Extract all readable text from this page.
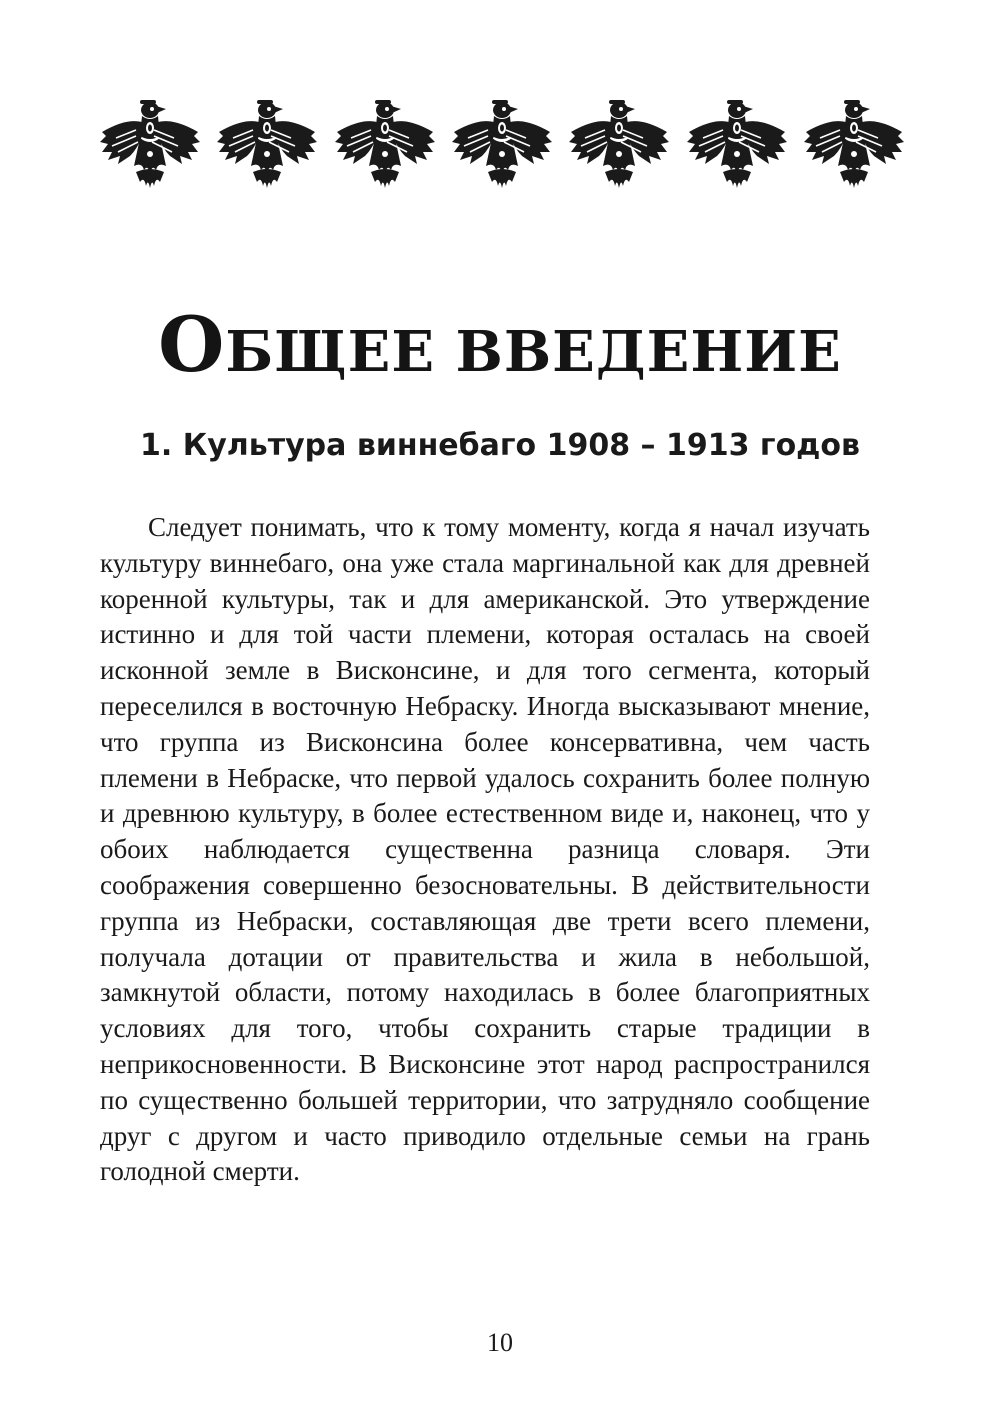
ОБЩЕЕ ВВЕДЕНИЕ
1. Культура виннебаго 1908 – 1913 годов

Следует понимать, что к тому моменту, когда я начал изучать культуру виннебаго, она уже стала маргинальной как для древней коренной культуры, так и для американской. Это утверждение истинно и для той части племени, которая осталась на своей исконной земле в Висконсине, и для того сегмента, который переселился в восточную Небраску. Иногда высказывают мнение, что группа из Висконсина более консервативна, чем часть племени в Небраске, что первой удалось сохранить более полную и древнюю культуру, в более естественном виде и, наконец, что у обоих наблюдается существенна разница словаря. Эти соображения совершенно безосновательны. В действительности группа из Небраски, составляющая две трети всего племени, получала дотации от правительства и жила в небольшой, замкнутой области, потому находилась в более благоприятных условиях для того, чтобы сохранить старые традиции в неприкосновенности. В Висконсине этот народ распространился по существенно большей территории, что затрудняло сообщение друг с другом и часто приводило отдельные семьи на грань голодной смерти.

10
